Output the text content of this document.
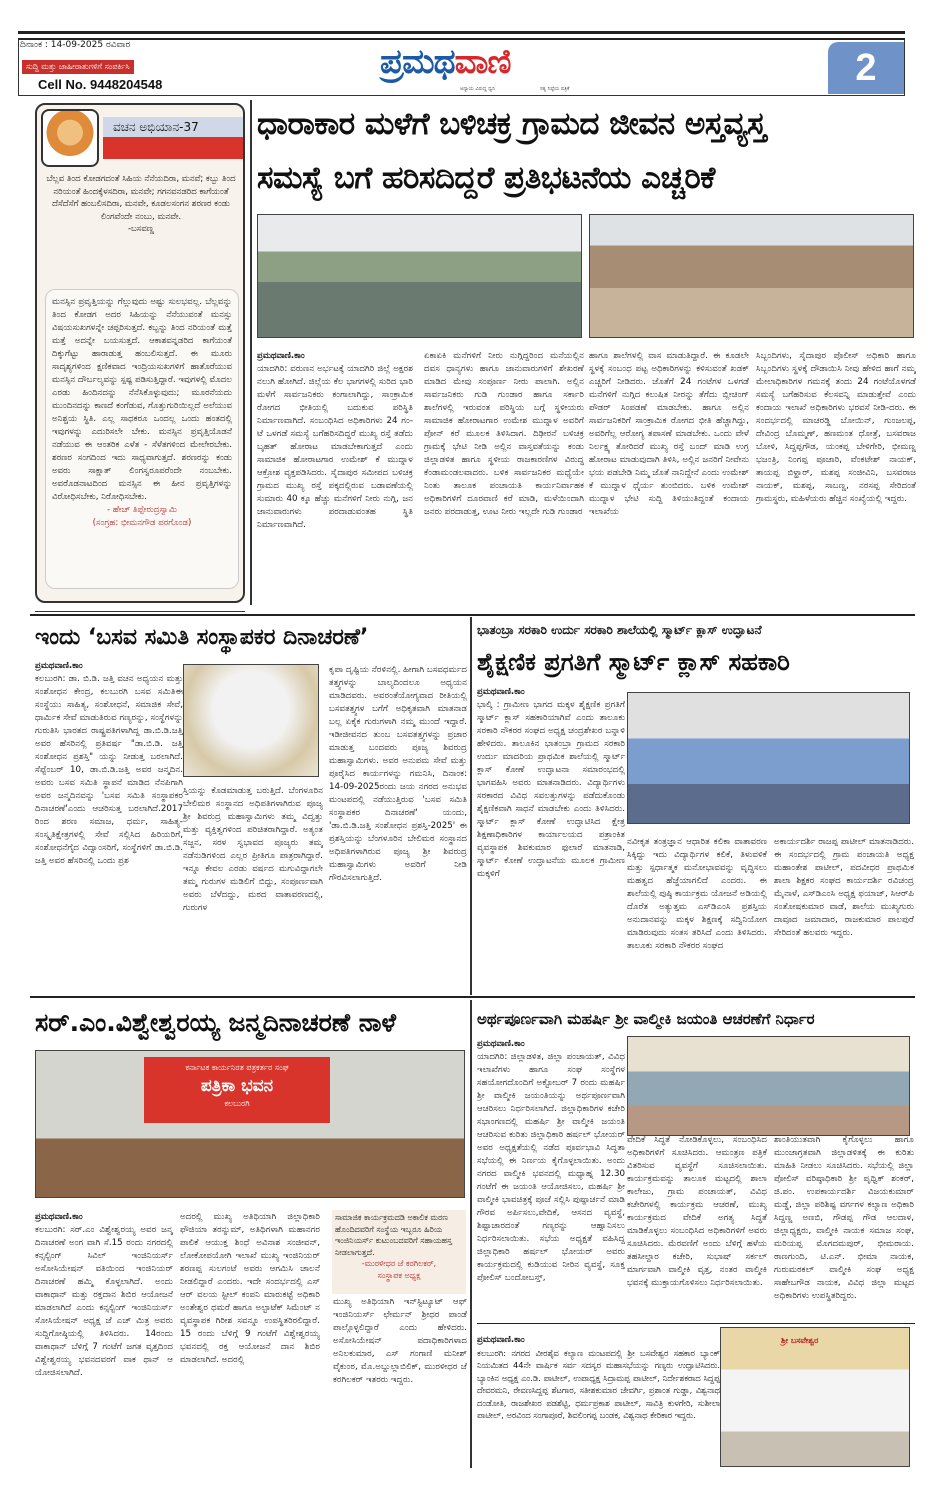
ದಿನಾಂಕ : 14-09-2025 ರವಿವಾರ
ಸುದ್ದಿ ಮತ್ತು ಜಾಹೀರಾತುಗಳಿಗೆ ಸಂಪರ್ಕಿಸಿ
Cell No. 9448204548
ಪ್ರಮಥವಾಣಿ
ಅನ್ಯಾಯ ವಿರುದ್ಧ ಧ್ವನಿ	ಸತ್ಯ ನಿಷ್ಠೆಯ ಪತ್ರಿಕೆ	2
ವಚನ ಅಭಿಯಾನ-37
ಬೆಲ್ಲವ ತಿಂದ ಕೋಡಗದಂತೆ ಸಿಹಿಯ ನೆನೆಯದಿರಾ, ಮನವೆ; ಕಬ್ಬು ತಿಂದ ನರಿಯಂತೆ ಹಿಂದಕ್ಕೆಳಸದಿರಾ, ಮನವೇ; ಗಗನವನಡರಿದ ಕಾಗೆಯಂತೆ ದೆಸೆದೆಸೆಗೆ ಹಂಬಲಿಸದಿರಾ, ಮನವೇ, ಕೂಡಲಸಂಗನ ಶರಣರ ಕಂಡು ಲಿಂಗವೆಂದೇ ನಂಬು, ಮನವೇ.
-ಬಸವಣ್ಣ
ಮನಸ್ಸಿನ ಪ್ರವೃತ್ತಿಯನ್ನು ಗೆಲ್ಲುವುದು ಅಷ್ಟು ಸುಲಭವಲ್ಲ. ಬೆಲ್ಲವನ್ನು ತಿಂದ ಕೋಡಗ ಅದರ ಸಿಹಿಯನ್ನು ನೆನೆಯುವಂತೆ ಮನಸ್ಸು ವಿಷಯಸುಖಗಳನ್ನೇ ಚಪ್ಪರಿಸುತ್ತದೆ. ಕಬ್ಬನ್ನು ತಿಂದ ನರಿಯಂತೆ ಮತ್ತೆ ಮತ್ತೆ ಅದನ್ನೇ ಬಯಸುತ್ತದೆ. ಆಕಾಶವನ್ನಡರಿದ ಕಾಗೆಯಂತೆ ದಿಕ್ಕುಗೆಟ್ಟು ಹಾರಾಡುತ್ತ ಹಂಬಲಿಸುತ್ತದೆ. ಈ ಮೂರು ಸಾದೃಶ್ಯಗಳಿಂದ ಕ್ಷಣಿಕವಾದ ಇಂದ್ರಿಯಸುಖಗಳಿಗೆ ಹಾತೊರೆಯುವ ಮನಸ್ಸಿನ ದೌರ್ಬಲ್ಯವನ್ನು ಸ್ಪಷ್ಟ ಪಡಿಸುತ್ತಿದ್ದಾರೆ. ಇವುಗಳಲ್ಲಿ ಮೊದಲ ಎರಡು ಹಿಂದಿನದನ್ನು ನೆನೆಸಿಕೊಳ್ಳುವುದು; ಮೂರನೆಯದು ಮುಂದಿನದನ್ನು ಕಾಣದೆ ಕಂಗೆಡುವ, ಗೊತ್ತುಗುರಿಯಿಲ್ಲದೆ ಅಲೆಯುವ ಅನಿಶ್ಚಯ ಸ್ಥಿತಿ. ಎಲ್ಲ ಸಾಧಕರೂ ಒಂದಲ್ಲ ಒಂದು ಹಂತದಲ್ಲಿ ಇವುಗಳನ್ನು ಎದುರಿಸಲೇ ಬೇಕು. ಮನಸ್ಸಿನ ಪ್ರವೃತ್ತಿಯೊಡನೆ ನಡೆಯುವ ಈ ಆಂತರಿಕ ಎಳೆತ - ಸೆಳೆತಗಳಿಂದ ಮೇಲೇರಬೇಕು. ಶರಣರ ಸಂಗದಿಂದ ಇದು ಸಾಧ್ಯವಾಗುತ್ತದೆ. ಶರಣರನ್ನು ಕಂಡು ಅವರು ಸಾಕ್ಷಾತ್ ಲಿಂಗಸ್ವರೂಪರೆಂದೇ ನಂಬಬೇಕು. ಅವರೊಡನಾಟದಿಂದ ಮನಸ್ಸಿನ ಈ ಹೀನ ಪ್ರವೃತ್ತಿಗಳನ್ನು ವಿರೋಧಿಸಬೇಕು, ನಿರೋಧಿಸಬೇಕು.
- ಹೇಚ್ ತಿಪ್ಪೇರುದ್ರಸ್ವಾಮಿ
(ಸಂಗ್ರಹ: ಭೀಮನಗೌಡ ಪರಗೊಂಡ)
ಧಾರಾಕಾರ ಮಳೆಗೆ ಬಳಿಚಕ್ರ ಗ್ರಾಮದ ಜೀವನ ಅಸ್ತವ್ಯಸ್ತ
ಸಮಸ್ಯೆ ಬಗೆ ಹರಿಸದಿದ್ದರೆ ಪ್ರತಿಭಟನೆಯ ಎಚ್ಚರಿಕೆ
ಪ್ರಮಥವಾಣಿ.ಕಾಂ
ಯಾದಗಿರಿ: ವರುಣನ ಅರ್ಭಟಕ್ಕೆ ಯಾದಗಿರಿ ಜಿಲ್ಲೆ ಅಕ್ಷರಶ ನಲುಗಿ ಹೋಗಿದೆ. ಜಿಲ್ಲೆಯ ಕೆಲ ಭಾಗಗಳಲ್ಲಿ ಸುರಿದ ಭಾರಿ ಮಳೆಗೆ ಸಾರ್ವಜನಿಕರು ಕಂಗಾಲಾಗಿದ್ದು, ಸಾಂಕ್ರಾಮಿಕ ರೋಗದ ಭೀತಿಯಲ್ಲಿ ಬದುಕುವ ಪರಿಸ್ಥಿತಿ ನಿರ್ಮಾಣವಾಗಿದೆ. ಸಂಬಂಧಿಸಿದ ಅಧಿಕಾರಿಗಳು 24 ಗಂ-ಟೆ ಒಳಗಡೆ ಸಮಸ್ಯೆ ಬಗೆಹರಿಸದಿದ್ದರೆ ಮುಖ್ಯ ರಸ್ತೆ ತಡೆದು ಬೃಹತ್ ಹೋರಾಟ ಮಾಡಬೇಕಾಗುತ್ತದೆ ಎಂದು ಸಾಮಾಜಿಕ ಹೋರಾಟಗಾರ ಉಮೇಶ್ ಕೆ ಮುದ್ನಾಳ ಆಕ್ರೋಶ ವ್ಯಕ್ತಪಡಿಸಿದರು. ಸೈದಾಪುರ ಸಮೀಪದ ಬಳಿಚಕ್ರ ಗ್ರಾಮದ ಮುಖ್ಯ ರಸ್ತೆ ಪಕ್ಕದಲ್ಲಿರುವ ಬಡಾವಣೆಯಲ್ಲಿ ಸುಮಾರು 40 ಕ್ಕೂ ಹೆಚ್ಚು ಮನೆಗಳಿಗೆ ನೀರು ನುಗ್ಗಿ, ಜನ ಜಾನುವಾರುಗಳು ಪರದಾಡುವಂತಹ ಸ್ಥಿತಿ ನಿರ್ಮಾಣವಾಗಿದೆ.
ಏಕಾಏಕಿ ಮನೆಗಳಿಗೆ ನೀರು ನುಗ್ಗಿದ್ದರಿಂದ ಮನೆಯಲ್ಲಿನ ದವಸ ಧಾನ್ಯಗಳು ಹಾಗೂ ಜಾನುವಾರುಗಳಿಗೆ ಶೇಖರಣೆ ಮಾಡಿದ ಮೇವು ಸಂಪೂರ್ಣ ನೀರು ಪಾಲಾಗಿ. ಅಲ್ಲಿನ ಸಾರ್ವಜನಿಕರು ಗುಡಿ ಗುಂಡಾರ ಹಾಗೂ ಸರ್ಕಾರಿ ಶಾಲೆಗಳಲ್ಲಿ ಇರುವಂತ ಪರಿಸ್ಥಿಯ ಬಗ್ಗೆ ಸ್ಥಳೀಯರು ಸಾಮಾಜಿಕ ಹೋರಾಟಗಾರ ಉಮೇಶ ಮುದ್ನಾಳ ಅವರಿಗೆ ಪೋನ್ ಕರೆ ಮೂಲಕ ತಿಳಿಸಿದಾಗ. ದಿಢೀರನೆ ಬಳಿಚಕ್ರ ಗ್ರಾಮಕ್ಕೆ ಭೇಟಿ ನೀಡಿ ಅಲ್ಲಿನ ವಾಸ್ತವತೆಯನ್ನು ಕಂಡು ಜಿಲ್ಲಾಡಳಿತ ಹಾಗೂ ಸ್ಥಳೀಯ ರಾಜಕಾರಣಿಗಳ ವಿರುದ್ಧ ಕೆಂಡಾಮಂಡಲವಾದರು. ಬಳಿಕ ಸಾರ್ವಜನಿಕರ ಮಧ್ಯೆಯೇ ನಿಂತು ತಾಲೂಕ ಪಂಚಾಯತಿ ಕಾರ್ಯನಿರ್ವಾಹಕ ಅಧಿಕಾರಿಗಳಿಗೆ ದೂರವಾಣಿ ಕರೆ ಮಾಡಿ, ಮಳೆಯಿಂದಾಗಿ ಜನರು ಪರದಾಡುತ್ತ, ಊಟ ನೀರು ಇಲ್ಲದೇ ಗುಡಿ ಗುಂಡಾರ
ಹಾಗೂ ಶಾಲೆಗಳಲ್ಲಿ ವಾಸ ಮಾಡುತಿದ್ದಾರೆ. ಈ ಕೂಡಲೇ ಸ್ಥಳಕ್ಕೆ ಸಂಬಂಧ ಪಟ್ಟ ಅಧಿಕಾರಿಗಳನ್ನು ಕಳಿಸುವಂತೆ ಖಡಕ್ ಎಚ್ಚರಿಗೆ ನೀಡಿದರು. ಜೊತೆಗೆ 24 ಗಂಟೆಗಳ ಒಳಗಡೆ ಮನೆಗಳಿಗೆ ನುಗ್ಗಿದ ಕಲುಷಿತ ನೀರನ್ನು ತೆಗೆದು ಬ್ಲೀಚಿಂಗ್ ಪೌಡರ್ ಸಿಂಪಡಣೆ ಮಾಡಬೇಕು. ಹಾಗೂ ಅಲ್ಲಿನ ಸಾರ್ವಜನಿಕರಿಗೆ ಸಾಂಕ್ರಾಮಿಕ ರೋಗದ ಭೀತಿ ಹೆಚ್ಚಾಗಿದ್ದು, ಅವರಿಗೆಲ್ಲ ಆರೋಗ್ಯ ತಪಾಸಣೆ ಮಾಡಬೇಕು. ಒಂದು ವೇಳೆ ನಿರ್ಲಕ್ಷ್ಯ ತೋರಿದರೆ ಮುಖ್ಯ ರಸ್ತೆ ಬಂದ್ ಮಾಡಿ ಉಗ್ರ ಹೋರಾಟ ಮಾಡುವುದಾಗಿ ತಿಳಿಸಿ, ಅಲ್ಲಿನ ಜನರಿಗೆ ನೀವೇನು ಭಯ ಪಡಬೇಡಿ ನಿಮ್ಮ ಜೊತೆ ನಾನಿದ್ದೇನೆ ಎಂದು ಉಮೇಶ್ ಕೆ ಮುದ್ನಾಳ ಧೈರ್ಯ ತುಂಬಿದರು. ಬಳಿಕ ಉಮೇಶ್ ಮುದ್ನಾಳ ಭೇಟಿ ಸುದ್ದಿ ತಿಳಿಯುತಿದ್ದಂತೆ ಕಂದಾಯ ಇಲಾಖೆಯ
ಸಿಬ್ಬಂದಿಗಳು, ಸೈದಾಪುರ ಪೊಲೀಸ್ ಅಧಿಕಾರಿ ಹಾಗೂ ಸಿಬ್ಬಂದಿಗಳು ಸ್ಥಳಕ್ಕೆ ದೌಡಾಯಿಸಿ ನೀವು ಹೇಳಿದ ಹಾಗೆ ನಮ್ಮ ಮೇಲಾಧಿಕಾರಿಗಳ ಗಮನಕ್ಕೆ ತಂದು 24 ಗಂಟೆಯೊಳಗಡೆ ಸಮಸ್ಯೆ ಬಗೆಹರಿಸುವ ಕೆಲಸವನ್ನಿ ಮಾಡುತ್ತೇವೆ ಎಂದು ಕಂದಾಯ ಇಲಾಖೆ ಅಧಿಕಾರಿಗಳು ಭರವಸೆ ನೀಡಿ-ದರು. ಈ ಸಂದರ್ಭದಲ್ಲಿ ಮಾಚರಡ್ಡಿ ಬೋಯಿನ್, ಗುಂಜಲಪ್ಪ, ದೇವಿಂದ್ರ ಬೊಮ್ಮಣ್, ಹಣಮಂತ ಧೋತ್ರೆ, ಬಸವರಾಜ ಬೋಳಿ, ಸಿದ್ದಪ್ಪಗೌಡ, ಯಂಕಪ್ಪ ಬೇಳಿಗೇರಿ, ಭೀಮಣ್ಣ ಭಜಂತ್ರಿ, ನಿಂಗಪ್ಪ ಪೂಜಾರಿ, ವೆಂಕಟೇಶ್ ನಾಯಕ್, ತಾಯಪ್ಪ ಬಿಳ್ಹಾರ್, ಮಶಪ್ಪ ಸಂಜೀವಿನಿ, ಬಸವರಾಜ ನಾಯಕ್, ಮಶಪ್ಪ, ಸಾಬಣ್ಣ, ನರಸಪ್ಪ ಸೇರಿದಂತೆ ಗ್ರಾಮಸ್ಥರು, ಮಹಿಳೆಯರು ಹೆಚ್ಚಿನ ಸಂಖ್ಯೆಯಲ್ಲಿ ಇದ್ದರು.
ಇಂದು ‘ಬಸವ ಸಮಿತಿ ಸಂಸ್ಥಾಪಕರ ದಿನಾಚರಣೆ’
ಪ್ರಮಥವಾಣಿ.ಕಾಂ
ಕಲಬುರಗಿ: ಡಾ. ಬಿ.ಡಿ. ಜತ್ತಿ ವಚನ ಅಧ್ಯಯನ ಮತ್ತು ಸಂಶೋಧನ ಕೇಂದ್ರ, ಕಲಬುರಗಿ ಬಸವ ಸಮಿತಿಈ ಸಂಸ್ಥೆಯು ಸಾಹಿತ್ಯ, ಸಂಶೋಧನೆ, ಸಮಾಜಿಕ ಸೇವೆ, ಧಾರ್ಮಿಕ ಸೇವೆ ಮಾಡುತಿರುವ ಗಣ್ಯರನ್ನು, ಸಂಸ್ಥೆಗಳನ್ನು ಗುರುತಿಸಿ ಭಾರತದ ರಾಷ್ಟ್ರಪತಿಗಳಾಗಿದ್ದ ಡಾ.ಬಿ.ಡಿ.ಜತ್ತಿ ಅವರ ಹೆಸರಿನಲ್ಲಿ ಪ್ರತಿವರ್ಷ "ಡಾ.ಬಿ.ಡಿ. ಜತ್ತಿ ಸಂಶೋಧನ ಪ್ರಶಸ್ತಿ" ಯನ್ನು ನೀಡುತ್ತ ಬರಲಾಗಿದೆ. ಸೆಪ್ಟೆಂಬರ್ 10, ಡಾ.ಬಿ.ಡಿ.ಜತ್ತಿ ಅವರ ಜನ್ಮದಿನ. ಅವರು ಬಸವ ಸಮಿತಿ ಸ್ಥಾಪನೆ ಮಾಡಿದ ನೆನಪಿಗಾಗಿ ಅವರ ಜನ್ಮದಿನವನ್ನು 'ಬಸವ ಸಮಿತಿ ಸಂಸ್ಥಾಪಕರ ದಿನಾಚರಣೆ'ಎಂದು ಆಚರಿಸುತ್ತ ಬರಲಾಗಿದೆ.2017 ರಿಂದ ಶರಣ ಸಮಾಜ, ಧರ್ಮ, ಸಾಹಿತ್ಯ-ಸಂಸ್ಕೃತಿಕ್ಷೇತ್ರಗಳಲ್ಲಿ ಸೇವೆ ಸಲ್ಲಿಸಿದ ಹಿರಿಯರಿಗೆ, ಸಂಶೋಧನೆಗೈದ ವಿದ್ವಾಂಸರಿಗೆ, ಸಂಸ್ಥೆಗಳಿಗೆ ಡಾ.ಬಿ.ಡಿ. ಜತ್ತಿ ಅವರ ಹೆಸರಿನಲ್ಲಿ ಒಂದು ಪ್ರಶ
ಸ್ತಿಯನ್ನು ಕೊಡಮಾಡುತ್ತ ಬರುತ್ತಿದೆ. ಬೆಂಗಳೂರಿನ ಬೇಲಿಮಠ ಸಂಸ್ಥಾನದ ಅಧಿಪತಿಗಳಾಗಿರುವ ಪೂಜ್ಯ ಶ್ರೀ ಶಿವರುದ್ರ ಮಹಾಸ್ವಾಮಿಗಳು ತಮ್ಮ ವಿದ್ವತ್ತು ಮತ್ತು ವ್ಯಕ್ತಿತ್ವಗಳಿಂದ ಪರಿಚಿತರಾಗಿದ್ದಾರೆ. ಅತ್ಯಂತ ಸಜ್ಜನ, ಸರಳ ಸ್ವಭಾವದ ಪೂಜ್ಯರು ತಮ್ಮ ನಡೆನುಡಿಗಳಿಂದ ಎಲ್ಲರ ಪ್ರೀತಿಗೂ ಪಾತ್ರರಾಗಿದ್ದಾರೆ. ಇನ್ನೂ ಕೇವಲ ಎರಡು ವರ್ಷದ ಮಗುವಿದ್ದಾಗಲೇ ತಮ್ಮ ಗುರುಗಳ ಮಡಿಲಿಗೆ ಬಿದ್ದು, ಸಂಪೂರ್ಣವಾಗಿ ಅವರು ಬೆಳೆದದ್ದು, ಮಠದ ವಾತಾವರಣದಲ್ಲಿ, ಗುರುಗಳ
ಕೃಪಾ ದೃಷ್ಟಿಯ ನೆರಳಿನಲ್ಲಿ. ಹೀಗಾಗಿ ಬಸವಧರ್ಮದ ತತ್ತ್ವಗಳನ್ನು ಬಾಲ್ಯದಿಂದಲೂ ಅಧ್ಯಯನ ಮಾಡಿದವರು. ಅವರಂತೆಯೋಗ್ಯವಾದ ರೀತಿಯಲ್ಲಿ ಬಸವತತ್ತ್ವಗಳ ಬಗೆಗೆ ಅಧಿಕೃತವಾಗಿ ಮಾತನಾಡ ಬಲ್ಲ ಏಕೈಕ ಗುರುಗಳಾಗಿ ನಮ್ಮ ಮುಂದೆ ಇದ್ದಾರೆ. ಇಡೀಜೀವನದ ತುಂಬ ಬಸವತತ್ತ್ವಗಳನ್ನು ಪ್ರಚಾರ ಮಾಡುತ್ತ ಬಂದವರು ಪೂಜ್ಯ ಶಿವರುದ್ರ ಮಹಾಸ್ವಾಮಿಗಳು. ಅವರ ಅನುಪಮ ಸೇವೆ ಮತ್ತು ಪೂರೈಸಿದ ಕಾರ್ಯಗಳನ್ನು ಗಮನಿಸಿ, ದಿನಾಂಕ: 14-09-2025ರಂದು ಜಯ ನಗರದ ಅನುಭವ ಮಂಟಪದಲ್ಲಿ ನಡೆಯುತ್ತಿರುವ 'ಬಸವ ಸಮಿತಿ ಸಂಸ್ಥಾಪಕರ ದಿನಾಚರಣೆ' ಯಂದು, 'ಡಾ.ಬಿ.ಡಿ.ಜತ್ತಿ ಸಂಶೋಧನ ಪ್ರಶಸ್ತಿ-2025' ಈ ಪ್ರಶಸ್ತಿಯನ್ನು ಬೆಂಗಳೂರಿನ ಬೇಲಿಮಠ ಸಂಸ್ಥಾನದ ಅಧಿಪತಿಗಳಾಗಿರುವ ಪೂಜ್ಯ ಶ್ರೀ ಶಿವರುದ್ರ ಮಹಾಸ್ವಾಮಿಗಳು ಅವರಿಗೆ ನೀಡಿ ಗೌರವಿಸಲಾಗುತ್ತಿದೆ.
ಭಾತಂಬ್ರಾ ಸರಕಾರಿ ಉರ್ದು ಸರಕಾರಿ ಶಾಲೆಯಲ್ಲಿ ಸ್ಮಾರ್ಟ್ ಕ್ಲಾಸ್ ಉದ್ಘಾಟನೆ
ಶೈಕ್ಷಣಿಕ ಪ್ರಗತಿಗೆ ಸ್ಮಾರ್ಟ್ ಕ್ಲಾಸ್ ಸಹಕಾರಿ
ಪ್ರಮಥವಾಣಿ.ಕಾಂ
ಭಾಲ್ಕಿ : ಗ್ರಾಮೀಣ ಭಾಗದ ಮಕ್ಕಳ ಶೈಕ್ಷಣಿಕ ಪ್ರಗತಿಗೆ ಸ್ಮಾರ್ಟ್ ಕ್ಲಾಸ್ ಸಹಕಾರಿಯಾಗಿವೆ ಎಂದು ತಾಲೂಕು ಸರಕಾರಿ ನೌಕರರ ಸಂಘದ ಅಧ್ಯಕ್ಷ ಚಂದ್ರಶೇಖರ ಬನ್ನಾಳಿ ಹೇಳಿದರು. ತಾಲೂಕಿನ ಭಾತಂಬ್ರಾ ಗ್ರಾಮದ ಸರಕಾರಿ ಉರ್ದು ಮಾದರಿಯ ಪ್ರಾಥಮಿಕ ಶಾಲೆಯಲ್ಲಿ ಸ್ಮಾರ್ಟ್ ಕ್ಲಾಸ್ ಕೋಣೆ ಉದ್ಘಾಟನಾ ಸಮಾರಂಭದಲ್ಲಿ ಭಾಗವಹಿಸಿ ಅವರು ಮಾತನಾಡಿದರು. ವಿದ್ಯಾರ್ಥಿಗಳು ಸರಕಾರದ ವಿವಿಧ ಸವಲತ್ತುಗಳನ್ನು ಪಡೆದುಕೊಂಡು ಶೈಕ್ಷಣಿಕವಾಗಿ ಸಾಧನೆ ಮಾಡಬೇಕು ಎಂದು ತಿಳಿಸಿದರು. ಸ್ಮಾರ್ಟ್ ಕ್ಲಾಸ್ ಕೋಣೆ ಉದ್ಘಾಟಿಸಿದ ಕ್ಷೇತ್ರ ಶಿಕ್ಷಣಾಧಿಕಾರಿಗಳ ಕಾರ್ಯಾಲಯದ ಪತ್ರಾಂಕಿತ ವ್ಯವಸ್ಥಾಪಕ ಶಿವಕುಮಾರ ಫುಲಾರೆ ಮಾತನಾಡಿ, ಸ್ಮಾರ್ಟ್ ಕೋಣೆ ಉದ್ಘಾಟನೆಯ ಮೂಲಕ ಗ್ರಾಮೀಣ ಮಕ್ಕಳಿಗೆ
ನವೀಕೃತ ತಂತ್ರಜ್ಞಾನ ಆಧಾರಿತ ಕಲಿಕಾ ವಾತಾವರಣ ಸಿಕ್ಕಿದ್ದು ಇದು ವಿದ್ಯಾರ್ಥಿಗಳ ಕಲಿಕೆ, ತಿಳುವಳಿಕೆ ಮತ್ತು ಸ್ಪರ್ಧಾತ್ಮಕ ಮನೋಭಾವವನ್ನು ವೃದ್ಧಿಸಲು ಮಹತ್ವದ ಹೆಜ್ಜೆಯಾಗಲಿದೆ ಎಂದರು. ಈ ಶಾಲೆಯಲ್ಲಿ ಪುಷ್ಠಿ ಕಾರ್ಯಕ್ರಮ ಯೋಜನೆ ಅಡಿಯಲ್ಲಿ ದೊರೆತ ಅತ್ಯುತ್ತಮ ಎಸ್‌ಡಿಎಂಸಿ ಪ್ರಶಸ್ತಿಯ ಅನುದಾನವನ್ನು ಮಕ್ಕಳ ಶಿಕ್ಷಣಕ್ಕೆ ಸದ್ವಿನಿಯೋಗ ಮಾಡಿರುವುದು ಸಂತಸ ತರಿಸಿದೆ ಎಂದು ತಿಳಿಸಿದರು. ತಾಲೂಕು ಸರಕಾರಿ ನೌಕರರ ಸಂಘದ
ಅಕಾರ್ಯದರ್ಶಿ ರಾಜಪ್ಪ ಪಾಟೀಲ್ ಮಾತನಾಡಿದರು. ಈ ಸಂದರ್ಭದಲ್ಲಿ ಗ್ರಾಮ ಪಂಚಾಯತಿ ಅಧ್ಯಕ್ಷ ಮಹಾಂತೇಶ ಪಾಟೀಲ್, ಪದವೀಧರ ಪ್ರಾಥಮಿಕ ಶಾಲಾ ಶಿಕ್ಷಕರ ಸಂಘದ ಕಾರ್ಯದರ್ಶಿ ರವಿಚಂದ್ರ ಮೈನಾಳೆ, ಎಸ್‌ಡಿಎಂಸಿ ಅಧ್ಯಕ್ಷ ಫಯಾಜ್, ಸಿಆರ್‌ಪಿ ಸಂತೋಷಕುಮಾರ ವಾಡೆ, ಶಾಲೆಯ ಮುಖ್ಯಗುರು ದಾವೂದ ಜಮಾದಾರ, ರಾಜಕುಮಾರ ಪಾಲಪುರೆ ಸೇರಿದಂತೆ ಹಲವರು ಇದ್ದರು.
ಸರ್.ಎಂ.ವಿಶ್ವೇಶ್ವರಯ್ಯ ಜನ್ಮದಿನಾಚರಣೆ ನಾಳೆ
ಕರ್ನಾಟಕ ಕಾರ್ಯನಿರತ ಪತ್ರಕರ್ತರ ಸಂಘ
ಪತ್ರಿಕಾ ಭವನ
ಕಲಬುರಗಿ
ಪ್ರಮಥವಾಣಿ.ಕಾಂ
ಕಲಬುರಗಿ: ಸರ್.ಎಂ ವಿಶ್ವೇಶ್ವರಯ್ಯ ಅವರ ಜನ್ಮ ದಿನಾಚರಣೆ ಅಂಗ ವಾಗಿ ಸೆ.15 ರಂದು ನಗರದಲ್ಲಿ ಕನ್ಸಲ್ಟಿಂಗ್ ಸಿವಿಲ್ ಇಂಜಿನಿಯರ್ಸ್ ಅಸೋಸಿಯೇಷನ್ ವತಿಯಿಂದ ಇಂಜಿನಿಯರ್ ದಿನಾಚರಣೆ ಹಮ್ಮಿ ಕೊಳ್ಳಲಾಗಿದೆ. ಅಂದು ವಾಕಾಥಾನ್ ಮತ್ತು ರಕ್ತದಾನ ಶಿಬಿರ ಆಯೋಜನೆ ಮಾಡಲಾಗಿದೆ ಎಂದು ಕನ್ಸಲ್ಟಿಂಗ್ ಇಂಜಿನಿಯರ್ಸ್ ಸೋಸಿಯೇಷನ್ ಅಧ್ಯಕ್ಷ ಜೆ ಎಚ್ ಮಿತ್ರ ಅವರು ಸುದ್ದಿಗೋಷ್ಠಿಯಲ್ಲಿ ತಿಳಿಸಿದರು. 14ರಂದು ವಾಕಾಥಾನ್ ಬೆಳಿಗ್ಗೆ 7 ಗಂಟೆಗೆ ಜಗತ ವೃತ್ತದಿಂದ ವಿಶ್ವೇಶ್ವರಯ್ಯ ಭವನದವರಗೆ ವಾಕ ಥಾನ್ ಆ ಯೋಜಿಸಲಾಗಿದೆ.
ಅದರಲ್ಲಿ ಮುಖ್ಯ ಅತಿಥಿಯಾಗಿ ಜಿಲ್ಲಾಧಿಕಾರಿ ಫೌಜಿಯಾ ತರನ್ನುಮ್, ಅತಿಥಿಗಳಾಗಿ ಮಹಾನಗರ ಪಾಲಿಕೆ ಆಯುಕ್ತ ಶಿಂಧೆ ಅವಿನಾಶ ಸಂಜೀವನ್, ಲೋಕೋಪಯೋಗಿ ಇಲಾಖೆ ಮುಖ್ಯ ಇಂಜಿನಿಯರ್ ಶರಣಪ್ಪ ಸುಲಗಂಟೆ ಅವರು ಆಗಮಿಸಿ ಚಾಲನೆ ನೀಡಲಿದ್ದಾರೆ ಎಂದರು. ಇದೇ ಸಂದರ್ಭದಲ್ಲಿ ಎಸ್ ಆರ್ ವಲಯ ಸ್ಟೀಲ್ ಕಂಪನಿ ಮಾರುಕಟ್ಟೆ ಅಧಿಕಾರಿ ಅಂತೇಶ್ವರ ಧಮರೆ ಹಾಗೂ ಅಲ್ಟಾಟೆಕ್ ಸಿಮೆಂಟ್ ನ ವ್ಯವಸ್ಥಾಪಕ ಗಿರೀಶ ಸವನ್ನೂ ಉಪಸ್ಥಿತರಿರಲಿದ್ದಾರೆ. 15 ರಂದು ಬೆಳಿಗ್ಗೆ 9 ಗಂಟೆಗೆ ವಿಶ್ವೇಶ್ವರಯ್ಯ ಭವನದಲ್ಲಿ ರಕ್ತ ಆಯೋಜನೆ ದಾನ ಶಿಬಿರ ಮಾಡಲಾಗಿದೆ. ಅದರಲ್ಲಿ
ಸಾಮಾಜಿಕ ಕಾರ್ಯಕ್ರಮದಡಿ ಅಕಾಲಿಕ ಮರಣ ಹೊಂದಿದವರಿಗೆ ಸಂಸ್ಥೆಯ ಇಬ್ಬರೂ ಹಿರಿಯ ಇಂಜಿನಿಯರ್ಸ್ ಕುಟುಂಬದವರಿಗೆ ಸಹಾಯಹಸ್ತ ನೀಡಲಾಗುತ್ತದೆ.
-ಮುರಳೀಧರ ಜೆ ಕರಗಿಲಕರ್,
ಸಂಸ್ಥಾಪಕ ಅಧ್ಯಕ್ಷ
ಮುಖ್ಯ ಅತಿಥಿಯಾಗಿ ಇನ್‌ಸ್ಟಿಟ್ಯೂಟ್ ಆಫ್ ಇಂಜಿನಿಯರ್ಸ್ ಛೇರ್ಮನ್ ಶ್ರೀಧರ ಪಾಂಡೆ ಪಾಲ್ಗೊಳ್ಳಲಿದ್ದಾರೆ ಎಂದು ಹೇಳಿದರು. ಅಸೋಸಿಯೇಷನ್ ಪದಾಧಿಕಾರಿಗಳಾದ ಅನಿಲಕುಮಾರ, ಎಸ್ ಗಂಗಾಣಿ ಮನೀಶ್ ವೈಕುಂಠ, ಮೊ.ಅಬ್ದುಲ್ಲಾಬಿಲಿಕ್, ಮುರಳೀಧರ ಜೆ ಕರಗಿಲಕರ್ ಇತರರು ಇದ್ದರು.
ಅರ್ಥಪೂರ್ಣವಾಗಿ ಮಹರ್ಷಿ ಶ್ರೀ ವಾಲ್ಮೀಕಿ ಜಯಂತಿ ಆಚರಣೆಗೆ ನಿರ್ಧಾರ
ಪ್ರಮಥವಾಣಿ.ಕಾಂ
ಯಾದಗಿರಿ: ಜಿಲ್ಲಾಡಳಿತ, ಜಿಲ್ಲಾ ಪಂಚಾಯತ್, ವಿವಿಧ ಇಲಾಖೆಗಳು ಹಾಗೂ ಸಂಘ ಸಂಸ್ಥೆಗಳ ಸಹಯೋಗದೊಂದಿಗೆ ಅಕ್ಟೋಬರ್ 7 ರಂದು ಮಹರ್ಷಿ ಶ್ರೀ ವಾಲ್ಮೀಕಿ ಜಯಂತಿಯನ್ನು ಅರ್ಥಪೂರ್ಣವಾಗಿ ಆಚರಿಸಲು ನಿರ್ಧರಿಸಲಾಗಿದೆ. ಜಿಲ್ಲಾಧಿಕಾರಿಗಳ ಕಚೇರಿ ಸಭಾಂಗಣದಲ್ಲಿ ಮಹರ್ಷಿ ಶ್ರೀ ವಾಲ್ಮೀಕಿ ಜಯಂತಿ ಆಚರಿಸುವ ಕುರಿತು ಜಿಲ್ಲಾಧಿಕಾರಿ ಹರ್ಷಲ್ ಭೋಯರ್ ಅವರ ಅಧ್ಯಕ್ಷತೆಯಲ್ಲಿ ನಡೆದ ಪೂರ್ವಭಾವಿ ಸಿದ್ಧತಾ ಸಭೆಯಲ್ಲಿ ಈ ನಿರ್ಣಯ ಕೈಗೊಳ್ಳಲಾಯಿತು. ಅಂದು ನಗರದ ವಾಲ್ಮೀಕಿ ಭವನದಲ್ಲಿ ಮಧ್ಯಾಹ್ನ 12.30 ಗಂಟೆಗೆ ಈ ಜಯಂತಿ ಆಯೋಜಿಸಲು, ಮಹರ್ಷಿ ಶ್ರೀ ವಾಲ್ಮೀಕಿ ಭಾವಚಿತ್ರಕ್ಕೆ ಪೂಜೆ ಸಲ್ಲಿಸಿ ಪುಷ್ಪಾರ್ಚನೆ ಮಾಡಿ ಗೌರವ ಅರ್ಪಿಸಲು,ವೇದಿಕೆ, ಆಸನದ ವ್ಯವಸ್ಥೆ, ಶಿಷ್ಟಾಚಾರದಂತೆ ಗಣ್ಯರನ್ನು ಆಹ್ವಾನಿಸಲು ನಿರ್ಧರಿಸಲಾಯಿತು. ಸಭೆಯ ಅಧ್ಯಕ್ಷತೆ ವಹಿಸಿದ್ದ ಜಿಲ್ಲಾಧಿಕಾರಿ ಹರ್ಷಲ್ ಭೋಯರ್ ಅವರು ಕಾರ್ಯಕ್ರಮದಲ್ಲಿ ಕುಡಿಯುವ ನೀರಿನ ವ್ಯವಸ್ಥೆ, ಸೂಕ್ತ ಪೋಲಿಸ್ ಬಂದೋಬಸ್ತ್,
ವೇದಿಕೆ ಸಿದ್ಧತೆ ನೋಡಿಕೊಳ್ಳಲು, ಸಂಬಂಧಿಸಿದ ಅಧಿಕಾರಿಗಳಿಗೆ ಸೂಚಿಸಿದರು. ಆಮಂತ್ರಣ ಪತ್ರಿಕೆ ವಿತರಿಸುವ ವ್ಯವಸ್ಥೆಗೆ ಸೂಚಿಸಲಾಯಿತು. ಕಾರ್ಯಕ್ರಮವನ್ನು ತಾಲೂಕ ಮಟ್ಟದಲ್ಲಿ ಶಾಲಾ ಕಾಲೇಜು, ಗ್ರಾಮ ಪಂಚಾಯತ್, ವಿವಿಧ ಕಚೇರಿಗಳಲ್ಲಿ ಕಾರ್ಯಕ್ರಮ ಆಚರಣೆ, ಮುಖ್ಯ ಕಾರ್ಯಕ್ರಮದ ವೇದಿಕೆ ಅಗತ್ಯ ಸಿದ್ಧತೆ ಮಾಡಿಕೊಳ್ಳಲು ಸಂಬಂಧಿಸಿದ ಅಧಿಕಾರಿಗಳಿಗೆ ಅವರು ಸೂಚಿಸಿದರು. ಮೆರವಣಿಗೆ ಅಂದು ಬೆಳಿಗ್ಗೆ ಹಳೆಯ ತಹಸೀಲ್ದಾರ ಕಚೇರಿ, ಸುಭಾಷ್ ಸರ್ಕಲ್ ಮಾರ್ಗವಾಗಿ ವಾಲ್ಮೀಕಿ ವೃತ್ತ, ನಂತರ ವಾಲ್ಮೀಕಿ ಭವನಕ್ಕೆ ಮುಕ್ತಾಯಗೊಳಿಸಲು ನಿರ್ಧರಿಸಲಾಯಿತು.
ಶಾಂತಿಯುತವಾಗಿ ಕೈಗೊಳ್ಳಲು ಹಾಗೂ ಮುಂಜಾಗ್ರತವಾಗಿ ಜಿಲ್ಲಾಡಳಿತಕ್ಕೆ ಈ ಕುರಿತು ಮಾಹಿತಿ ನೀಡಲು ಸೂಚಿಸಿದರು. ಸಭೆಯಲ್ಲಿ ಜಿಲ್ಲಾ ಪೋಲಿಸ್ ವರಿಷ್ಠಾಧಿಕಾರಿ ಶ್ರೀ ಪೃಥ್ವಿಕ್ ಶಂಕರ್, ಜಿ.ಪಂ. ಉಪಕಾರ್ಯದರ್ಶಿ ವಿಜಯಕುಮಾರ್ ಮಡ್ಡೆ, ಜಿಲ್ಲಾ ಪರಿಶಿಷ್ಟ ವರ್ಗಗಳ ಕಲ್ಯಾಣ ಅಧಿಕಾರಿ ಸಿದ್ದಣ್ಣ ಅಣಬಿ, ಗೌಡಪ್ಪ ಗೌಡ ಆಲದಾಳ, ಜಿಲ್ಲಾಧ್ಯಕ್ಷರು, ವಾಲ್ಮೀಕಿ ನಾಯಕ ಸಮಾಜ ಸಂಘ, ಮರಿಯಪ್ಪ ಮೊಗದಮಪುರ್, ಭೀಮರಾಯ. ಠಾಣಗುಂದಿ, ಟಿ.ಎನ್. ಭೀಮಾ ನಾಯಕ, ಗುರುಮಠಕಲ್ ವಾಲ್ಮೀಕಿ ಸಂಘ ಅಧ್ಯಕ್ಷ ಸಾಹೇಬಗೌಡ ನಾಯಕ, ವಿವಿಧ ಜಿಲ್ಲಾ ಮಟ್ಟದ ಅಧಿಕಾರಿಗಳು ಉಪಸ್ಥಿತರಿದ್ದರು.
ಪ್ರಮಥವಾಣಿ.ಕಾಂ
ಕಲಬುರಗಿ: ನಗರದ ವೀರಶೈವ ಕಲ್ಯಾಣ ಮಂಟಪದಲ್ಲಿ ಶ್ರೀ ಬಸವೇಶ್ವರ ಸಹಕಾರ ಬ್ಯಾಂಕ್ ನಿಯಮಿತದ 44ನೇ ವಾರ್ಷಿಕ ಸರ್ವ ಸದಸ್ಯರ ಮಹಾಸಭೆಯನ್ನು ಗಣ್ಯರು ಉದ್ಘಾಟಿಸಿದರು. ಬ್ಯಾಂಕಿನ ಅಧ್ಯಕ್ಷ ಎಂ.ಡಿ. ಪಾಟೀಲ್, ಉಪಾಧ್ಯಕ್ಷ ಸಿದ್ರಾಮಪ್ಪ ಪಾಟೀಲ್, ನಿರ್ದೇಶಕರಾದ ಸಿದ್ದಪ್ಪ ದೇವರಮನಿ, ರೇವಣಸಿದ್ದಪ್ಪ ಶೆಟಗಾರ, ಸತೀಶಕುಮಾರ ಜೇವರ್ಗಿ, ಪ್ರಶಾಂತ ಗುಡ್ಡಾ, ವಿಶ್ವನಾಥ ದಂಡೋತಿ, ರಾಜಶೇಖರ ಪಡಶೆಟ್ಟಿ, ಧರ್ಮಪ್ರಕಾಶ ಪಾಟೀಲ್, ಸಾವಿತ್ರಿ ಕುಳಗೇರಿ, ಸುಶೀಲಾ ಪಾಟೀಲ್, ಅರವಿಂದ ಸಂಗಾಪೂರೆ, ಶಿವಲಿಂಗಪ್ಪ ಬಂಡಕ, ವಿಶ್ವನಾಥ ಕೇರಿಕಾರ ಇದ್ದರು.
ಶ್ರೀ ಬಸವೇಶ್ವರ
